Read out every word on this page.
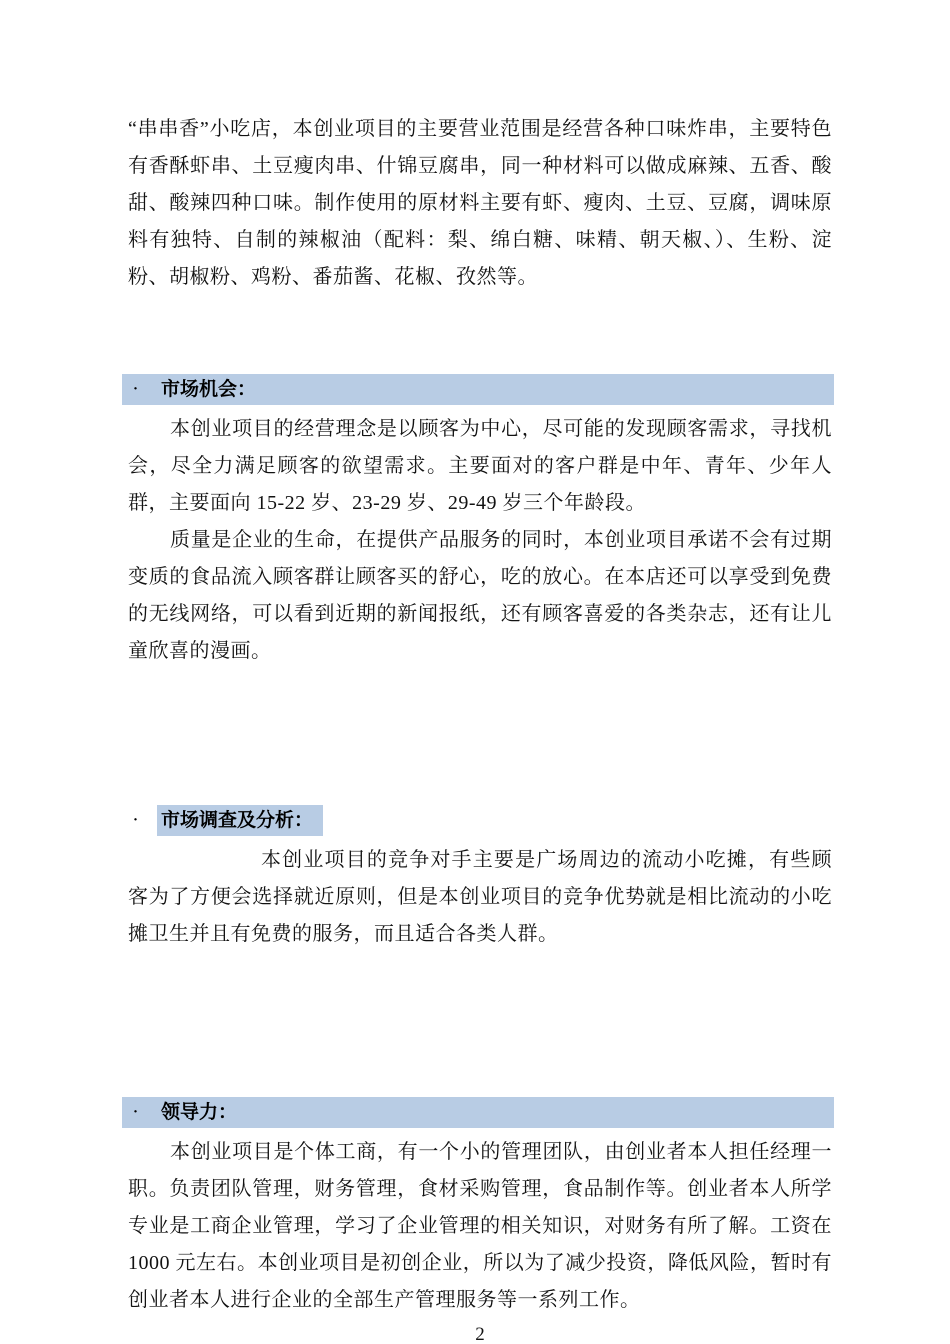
“串串香”小吃店，本创业项目的主要营业范围是经营各种口味炸串，主要特色有香酥虾串、土豆瘦肉串、什锦豆腐串，同一种材料可以做成麻辣、五香、酸甜、酸辣四种口味。制作使用的原材料主要有虾、瘦肉、土豆、豆腐，调味原料有独特、自制的辣椒油（配料：梨、绵白糖、味精、朝天椒、）、生粉、淀粉、胡椒粉、鸡粉、番茄酱、花椒、孜然等。

· 市场机会：

本创业项目的经营理念是以顾客为中心，尽可能的发现顾客需求，寻找机会，尽全力满足顾客的欲望需求。主要面对的客户群是中年、青年、少年人群，主要面向 15-22 岁、23-29 岁、29-49 岁三个年龄段。

质量是企业的生命，在提供产品服务的同时，本创业项目承诺不会有过期变质的食品流入顾客群让顾客买的舒心，吃的放心。在本店还可以享受到免费的无线网络，可以看到近期的新闻报纸，还有顾客喜爱的各类杂志，还有让儿童欣喜的漫画。

· 市场调查及分析：

本创业项目的竞争对手主要是广场周边的流动小吃摊，有些顾客为了方便会选择就近原则，但是本创业项目的竞争优势就是相比流动的小吃摊卫生并且有免费的服务，而且适合各类人群。

· 领导力：

本创业项目是个体工商，有一个小的管理团队，由创业者本人担任经理一职。负责团队管理，财务管理，食材采购管理，食品制作等。创业者本人所学专业是工商企业管理，学习了企业管理的相关知识，对财务有所了解。工资在 1000 元左右。本创业项目是初创企业，所以为了减少投资，降低风险，暂时有创业者本人进行企业的全部生产管理服务等一系列工作。

2
